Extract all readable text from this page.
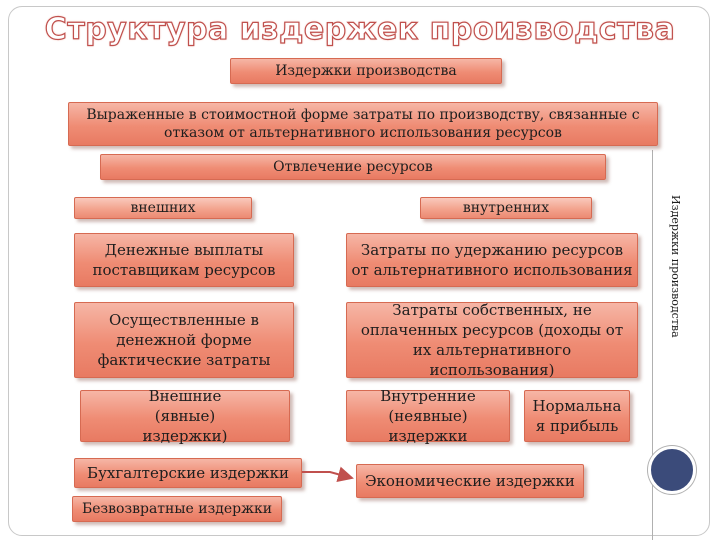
Структура издержек производства
Издержки производства
Выраженные в стоимостной форме затраты по производству, связанные с отказом от альтернативного использования ресурсов
Отвлечение ресурсов
внешних	внутренних
Денежные выплаты поставщикам ресурсов
Затраты по удержанию ресурсов от альтернативного использования
Осуществленные в денежной форме фактические затраты
Затраты собственных, не оплаченных ресурсов (доходы от их альтернативного использования)
Внешние (явные) издержки)
Внутренние (неявные) издержки
Нормальна я прибыль
Бухгалтерские издержки	Экономические издержки
Безвозвратные издержки
Издержки производства
